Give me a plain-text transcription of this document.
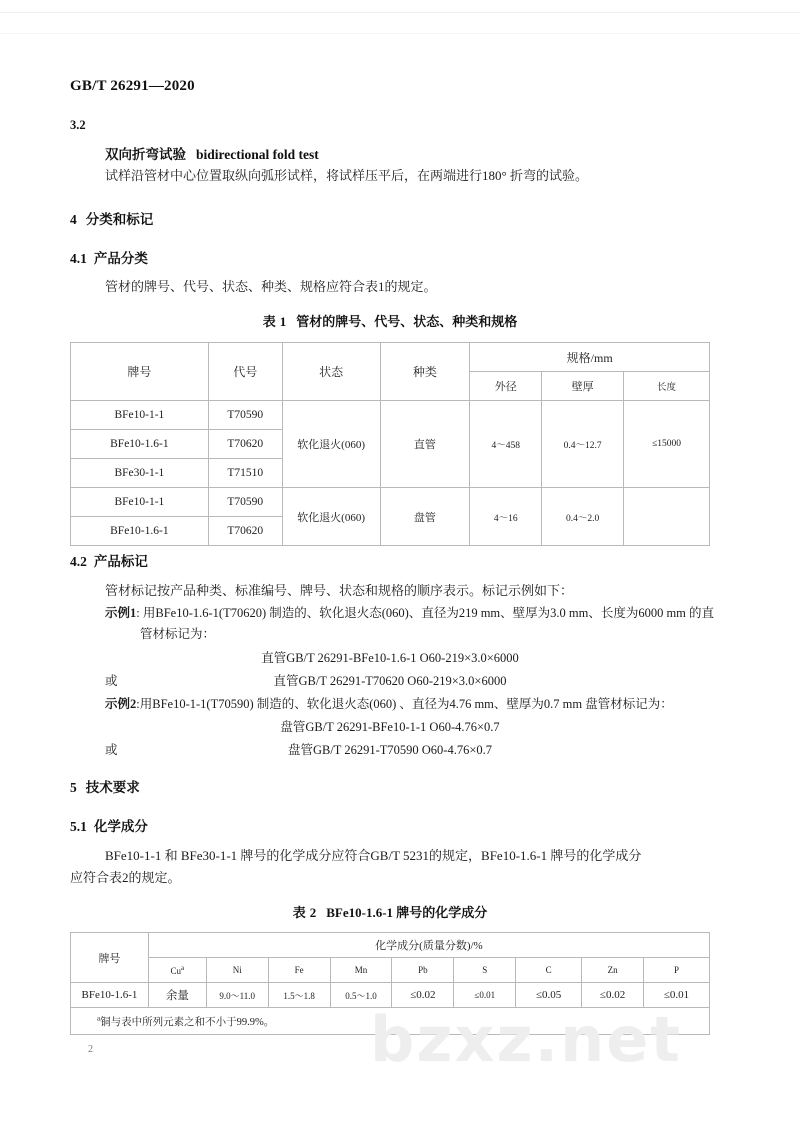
GB/T 26291—2020
3.2
双向折弯试验 bidirectional fold test
试样沿管材中心位置取纵向弧形试样，将试样压平后，在两端进行180° 折弯的试验。
4 分类和标记
4.1 产品分类
管材的牌号、代号、状态、种类、规格应符合表1的规定。
表 1 管材的牌号、代号、状态、种类和规格
牌号	代号	状态	种类	规格/mm		
				外径	壁厚	长度
BFe10-1-1	T70590	软化退火(060)	直管	4～458	0.4～12.7	≤15000
BFe10-1.6-1	T70620					
BFe30-1-1	T71510					
BFe10-1-1	T70590	软化退火(060)	盘管	4～16	0.4～2.0	
BFe10-1.6-1	T70620					
4.2 产品标记
管材标记按产品种类、标准编号、牌号、状态和规格的顺序表示。标记示例如下：
示例1: 用BFe10-1.6-1(T70620) 制造的、软化退火态(060)、直径为219 mm、壁厚为3.0 mm、长度为6000 mm 的直
管材标记为：
直管GB/T 26291-BFe10-1.6-1 O60-219×3.0×6000
或	直管GB/T 26291-T70620 O60-219×3.0×6000
示例2:用BFe10-1-1(T70590) 制造的、软化退火态(060) 、直径为4.76 mm、壁厚为0.7 mm 盘管材标记为：
盘管GB/T 26291-BFe10-1-1 O60-4.76×0.7
或	盘管GB/T 26291-T70590 O60-4.76×0.7
5 技术要求
5.1 化学成分
BFe10-1-1 和 BFe30-1-1 牌号的化学成分应符合GB/T 5231的规定，BFe10-1.6-1 牌号的化学成分
应符合表2的规定。
表 2 BFe10-1.6-1 牌号的化学成分
牌号	化学成分(质量分数)/%								
	Cu$^a$	Ni	Fe	Mn	Pb	S	C	Zn	P
BFe10-1.6-1	余量	9.0～11.0	1.5～1.8	0.5～1.0	≤0.02	≤0.01	≤0.05	≤0.02	≤0.01
$^a$铜与表中所列元素之和不小于99.9%。									bzxz.net
2
